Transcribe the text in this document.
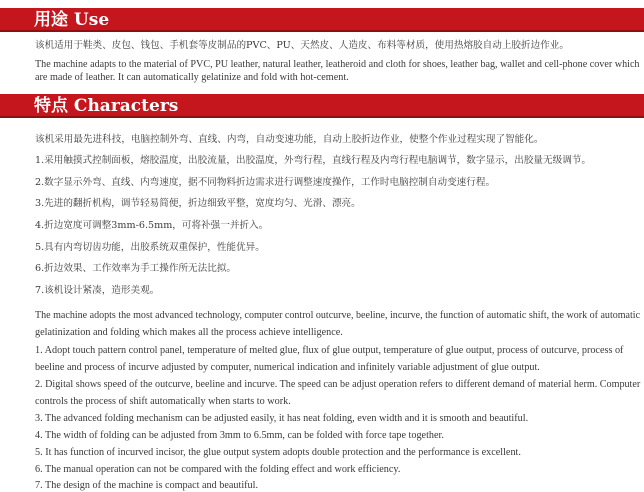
用途 Use
该机适用于鞋类、皮包、钱包、手机套等皮制品的PVC、PU、天然皮、人造皮、布料等材质，使用热熔胶自动上胶折边作业。
The machine adapts to the material of PVC, PU leather, natural leather, leatheroid and cloth for shoes, leather bag, wallet and cell-phone cover which
are made of leather. It can automatically gelatinize and fold with hot-cement.
特点 Characters
该机采用最先进科技，电脑控制外弯、直线、内弯，自动变速功能，自动上胶折边作业，使整个作业过程实现了智能化。
1.采用触摸式控制面板，熔胶温度，出胶流量，出胶温度，外弯行程，直线行程及内弯行程电脑调节，数字显示，出胶量无级调节。
2.数字显示外弯、直线、内弯速度，据不同物料折边需求进行调整速度操作，工作时电脑控制自动变速行程。
3.先进的翻折机构，调节轻易简便，折边细致平整，宽度均匀、光滑、漂亮。
4.折边宽度可调整3mm-6.5mm，可将补强一并折入。
5.具有内弯切齿功能，出胶系统双重保护，性能优异。
6.折边效果、工作效率为手工操作所无法比拟。
7.该机设计紧凑，造形美观。
The machine adopts the most advanced technology, computer control outcurve, beeline, incurve, the function of automatic shift, the work of automatic
gelatinization and folding which makes all the process achieve intelligence.
1. Adopt touch pattern control panel, temperature of melted glue, flux of glue output, temperature of glue output, process of outcurve, process of
beeline and process of incurve adjusted by computer, numerical indication and infinitely variable adjustment of glue output.
2. Digital shows speed of the outcurve, beeline and incurve. The speed can be adjust operation refers to different demand of material herm. Computer
controls the process of shift automatically when starts to work.
3. The advanced folding mechanism can be adjusted easily, it has neat folding, even width and it is smooth and beautiful.
4. The width of folding can be adjusted from 3mm to 6.5mm, can be folded with force tape together.
5. It has function of incurved incisor, the glue output system adopts double protection and the performance is excellent.
6. The manual operation can not be compared with the folding effect and work efficiency.
7. The design of the machine is compact and beautiful.
